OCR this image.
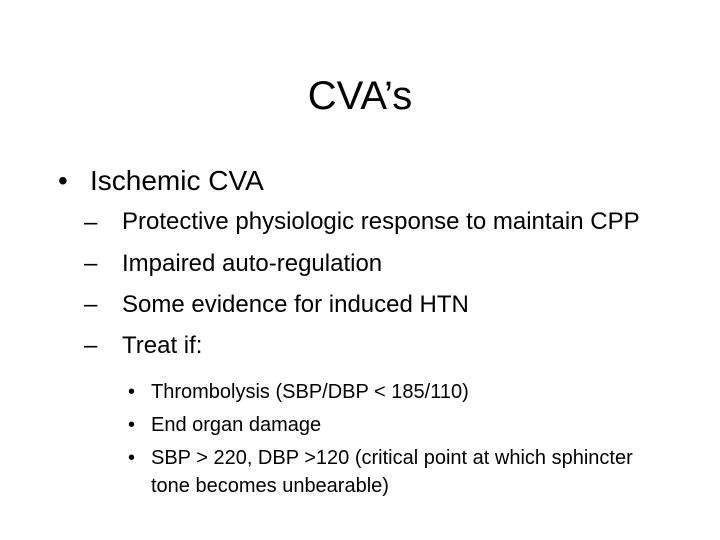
CVA’s
• Ischemic CVA
–	Protective physiologic response to maintain CPP
–	Impaired auto-regulation
–	Some evidence for induced HTN
–	Treat if:
• Thrombolysis (SBP/DBP < 185/110)
• End organ damage
• SBP > 220, DBP >120 (critical point at which sphincter tone becomes unbearable)
